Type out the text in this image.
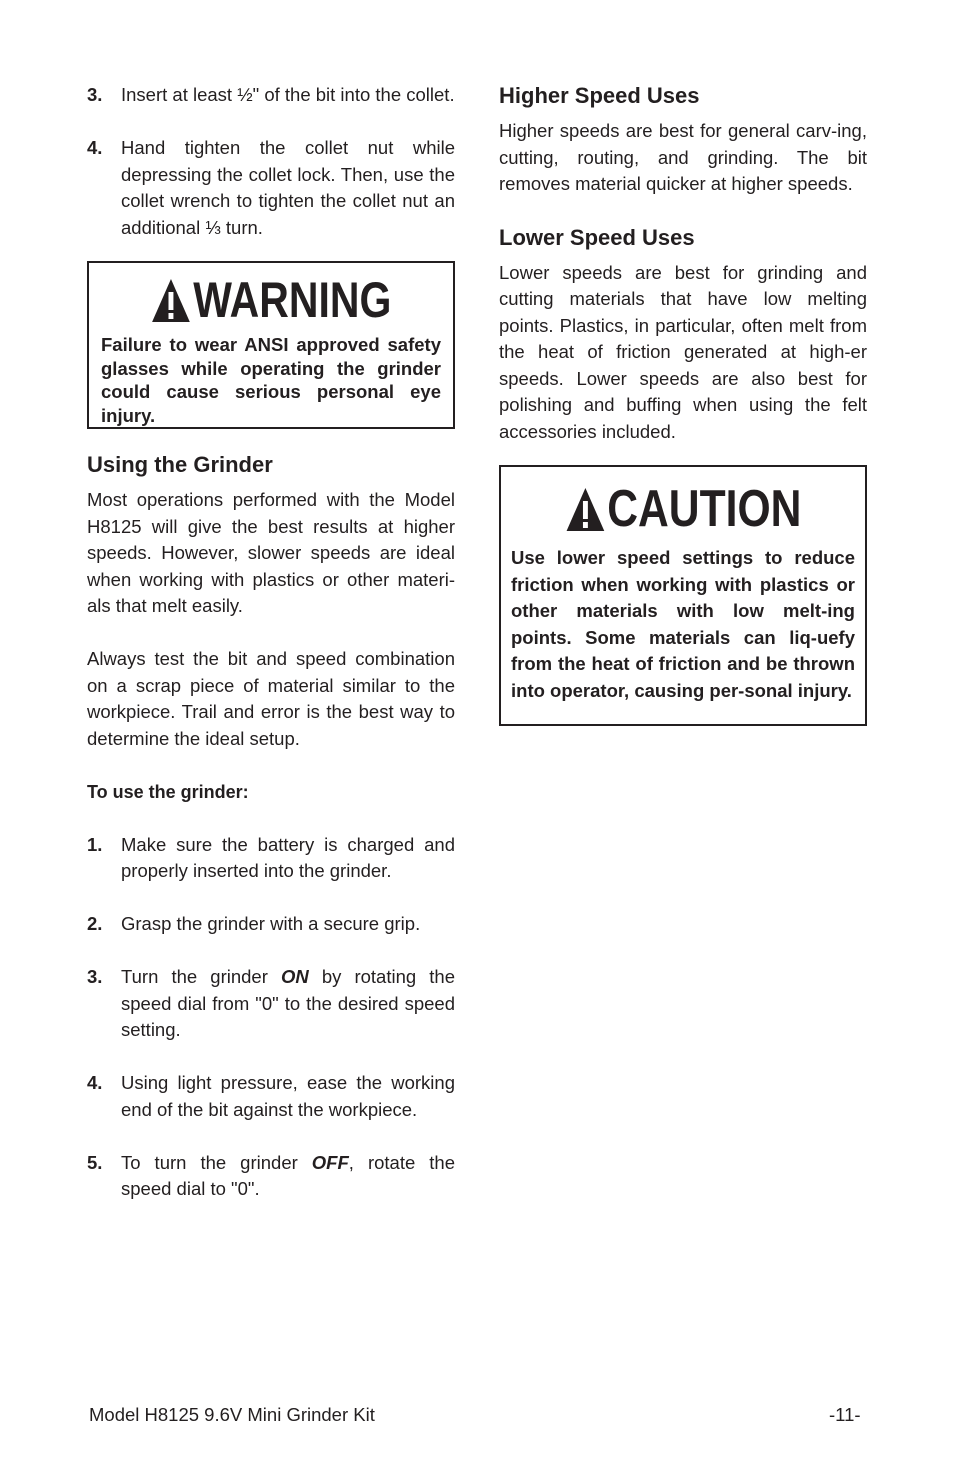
3.	Insert at least ½" of the bit into the collet.
4.	Hand tighten the collet nut while depressing the collet lock. Then, use the collet wrench to tighten the collet nut an additional ⅓ turn.
WARNING
Failure to wear ANSI approved safety glasses while operating the grinder could cause serious personal eye injury.
Using the Grinder

Most operations performed with the Model H8125 will give the best results at higher speeds. However, slower speeds are ideal when working with plastics or other materi-als that melt easily.

Always test the bit and speed combination on a scrap piece of material similar to the workpiece. Trail and error is the best way to determine the ideal setup.

To use the grinder:
1.	Make sure the battery is charged and properly inserted into the grinder.
2.	Grasp the grinder with a secure grip.
3.	Turn the grinder ON by rotating the speed dial from "0" to the desired speed setting.
4.	Using light pressure, ease the working end of the bit against the workpiece.
5.	To turn the grinder OFF, rotate the speed dial to "0".
Higher Speed Uses

Higher speeds are best for general carv-ing, cutting, routing, and grinding. The bit removes material quicker at higher speeds.

Lower Speed Uses

Lower speeds are best for grinding and cutting materials that have low melting points. Plastics, in particular, often melt from the heat of friction generated at high-er speeds. Lower speeds are also best for polishing and buffing when using the felt accessories included.

CAUTION
Use lower speed settings to reduce friction when working with plastics or other materials with low melt-ing points. Some materials can liq-uefy from the heat of friction and be thrown into operator, causing per-sonal injury.
Model H8125 9.6V Mini Grinder Kit	-11-
